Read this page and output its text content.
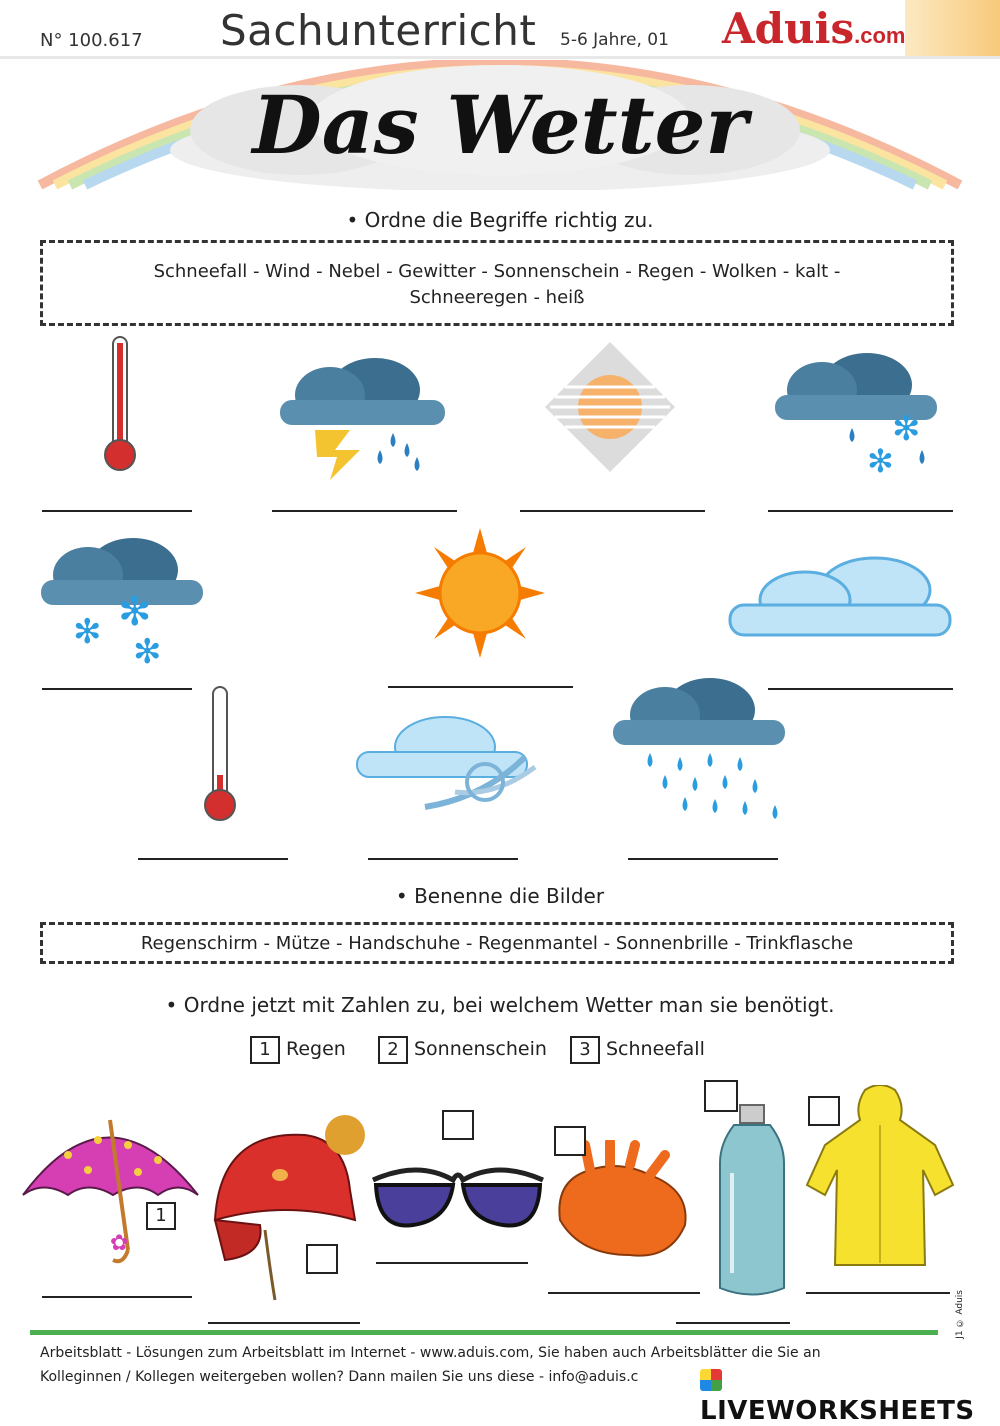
N° 100.617 Sachunterricht 5-6 Jahre, 01 Aduis.com
Das Wetter
• Ordne die Begriffe richtig zu.
Schneefall - Wind - Nebel - Gewitter - Sonnenschein - Regen - Wolken - kalt -
Schneeregen - heiß
✻
✻
✻
✻ ✻
• Benenne die Bilder
Regenschirm - Mütze - Handschuhe - Regenmantel - Sonnenbrille - Trinkflasche
• Ordne jetzt mit Zahlen zu, bei welchem Wetter man sie benötigt.
1 Regen	2 Sonnenschein	3 Schneefall
✿
1
J1 © Aduis
Arbeitsblatt - Lösungen zum Arbeitsblatt im Internet - www.aduis.com, Sie haben auch Arbeitsblätter die Sie an
Kolleginnen / Kollegen weitergeben wollen? Dann mailen Sie uns diese - info@aduis.c
LIVEWORKSHEETS
